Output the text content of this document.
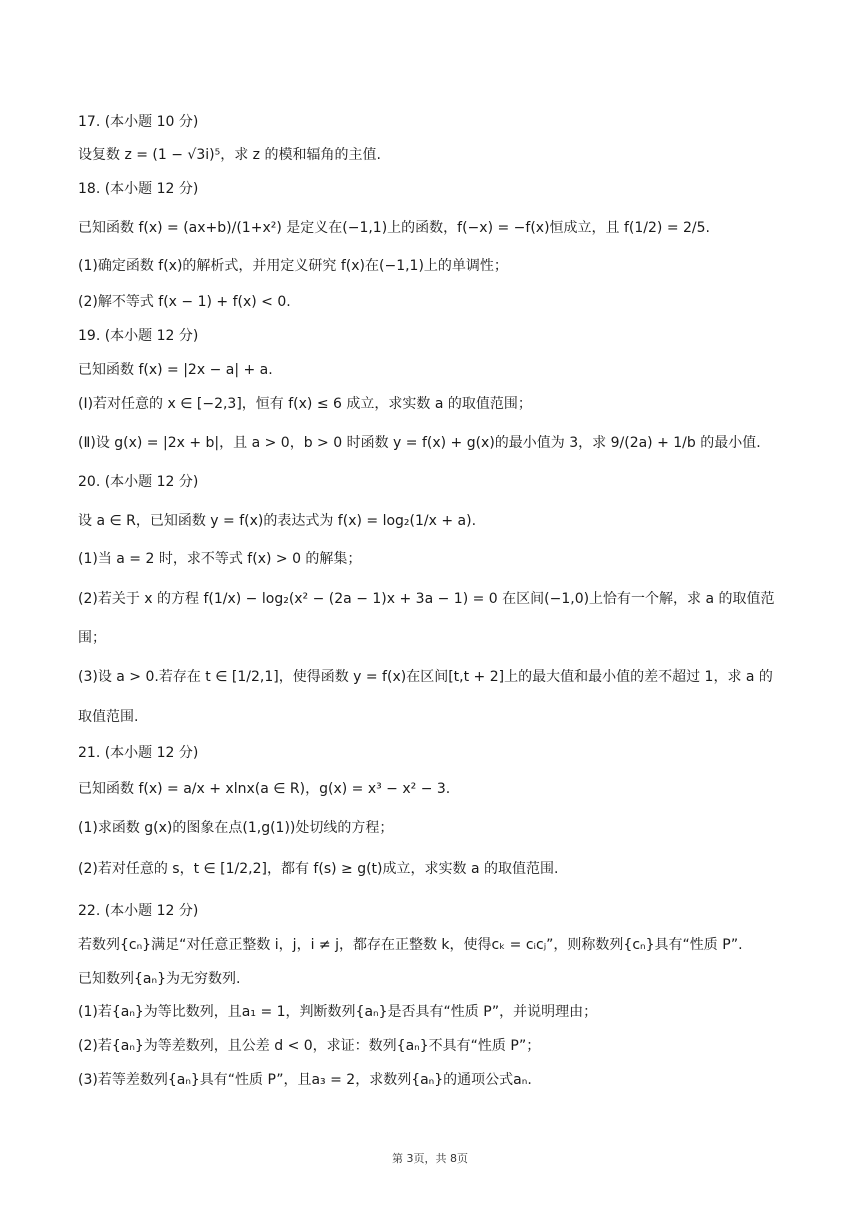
17. (本小题 10 分)
设复数 z = (1 − √3i)⁵，求 z 的模和辐角的主值.
18. (本小题 12 分)
已知函数 f(x) = (ax+b)/(1+x²) 是定义在(−1,1)上的函数，f(−x) = −f(x)恒成立，且 f(1/2) = 2/5.
(1)确定函数 f(x)的解析式，并用定义研究 f(x)在(−1,1)上的单调性；
(2)解不等式 f(x − 1) + f(x) < 0.
19. (本小题 12 分)
已知函数 f(x) = |2x − a| + a.
(Ⅰ)若对任意的 x ∈ [−2,3]，恒有 f(x) ≤ 6 成立，求实数 a 的取值范围；
(Ⅱ)设 g(x) = |2x + b|，且 a > 0，b > 0 时函数 y = f(x) + g(x)的最小值为 3，求 9/(2a) + 1/b 的最小值.
20. (本小题 12 分)
设 a ∈ R，已知函数 y = f(x)的表达式为 f(x) = log₂(1/x + a).
(1)当 a = 2 时，求不等式 f(x) > 0 的解集；
(2)若关于 x 的方程 f(1/x) − log₂(x² − (2a − 1)x + 3a − 1) = 0 在区间(−1,0)上恰有一个解，求 a 的取值范
围；
(3)设 a > 0.若存在 t ∈ [1/2,1]，使得函数 y = f(x)在区间[t,t + 2]上的最大值和最小值的差不超过 1，求 a 的
取值范围.
21. (本小题 12 分)
已知函数 f(x) = a/x + xlnx(a ∈ R)，g(x) = x³ − x² − 3.
(1)求函数 g(x)的图象在点(1,g(1))处切线的方程；
(2)若对任意的 s，t ∈ [1/2,2]，都有 f(s) ≥ g(t)成立，求实数 a 的取值范围.
22. (本小题 12 分)
若数列{cₙ}满足“对任意正整数 i，j，i ≠ j，都存在正整数 k，使得cₖ = cᵢcⱼ”，则称数列{cₙ}具有“性质 P”.
已知数列{aₙ}为无穷数列.
(1)若{aₙ}为等比数列，且a₁ = 1，判断数列{aₙ}是否具有“性质 P”，并说明理由；
(2)若{aₙ}为等差数列，且公差 d < 0，求证：数列{aₙ}不具有“性质 P”；
(3)若等差数列{aₙ}具有“性质 P”，且a₃ = 2，求数列{aₙ}的通项公式aₙ.
第 3页，共 8页
